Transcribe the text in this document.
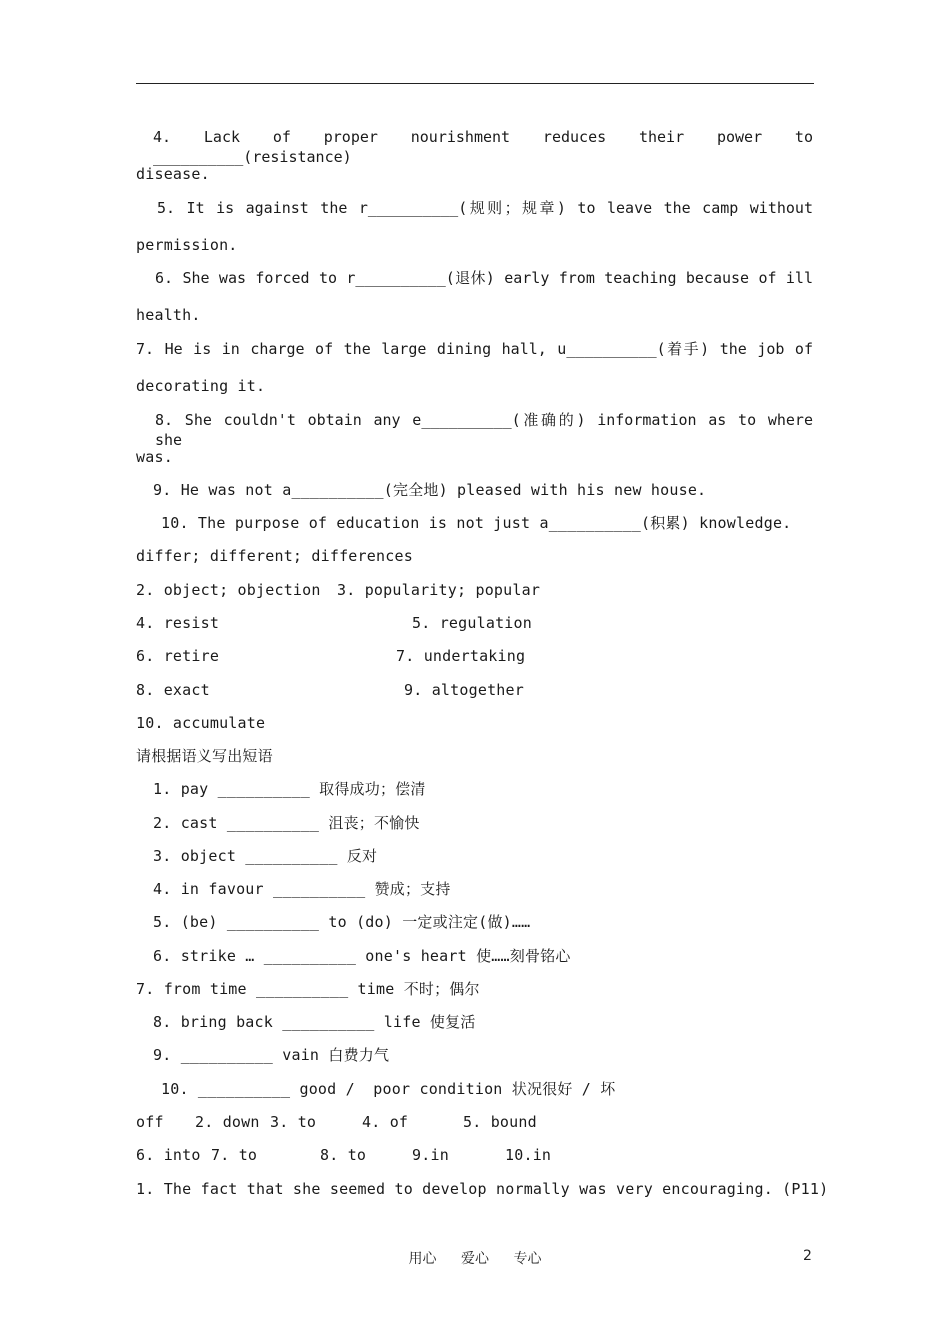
4. Lack of proper nourishment reduces their power to __________(resistance)
disease.
5. It is against the r__________(规则；规章) to leave the camp without
permission.
6. She was forced to r__________(退休) early from teaching because of ill
health.
7. He is in charge of the large dining hall, u__________(着手) the job of
decorating it.
8. She couldn't obtain any e__________(准确的) information as to where she
was.
9. He was not a__________(完全地) pleased with his new house.
10. The purpose of education is not just a__________(积累) knowledge.
differ; different; differences
2. object; objection 3. popularity; popular
4. resist	5. regulation
6. retire	7. undertaking
8. exact	9. altogether
10. accumulate
请根据语义写出短语
1. pay __________ 取得成功；偿清
2. cast __________ 沮丧；不愉快
3. object __________ 反对
4. in favour __________ 赞成；支持
5. (be) __________ to (do) 一定或注定(做)……
6. strike … __________ one's heart 使……刻骨铭心
7. from time __________ time 不时；偶尔
8. bring back __________ life 使复活
9. __________ vain 白费力气
10. __________ good /  poor condition 状况很好 / 坏
off 2. down 3. to	4. of	5. bound
6. into 7. to	8. to	9.in	10.in
1. The fact that she seemed to develop normally was very encouraging. (P11)
用心 爱心 专心	2
